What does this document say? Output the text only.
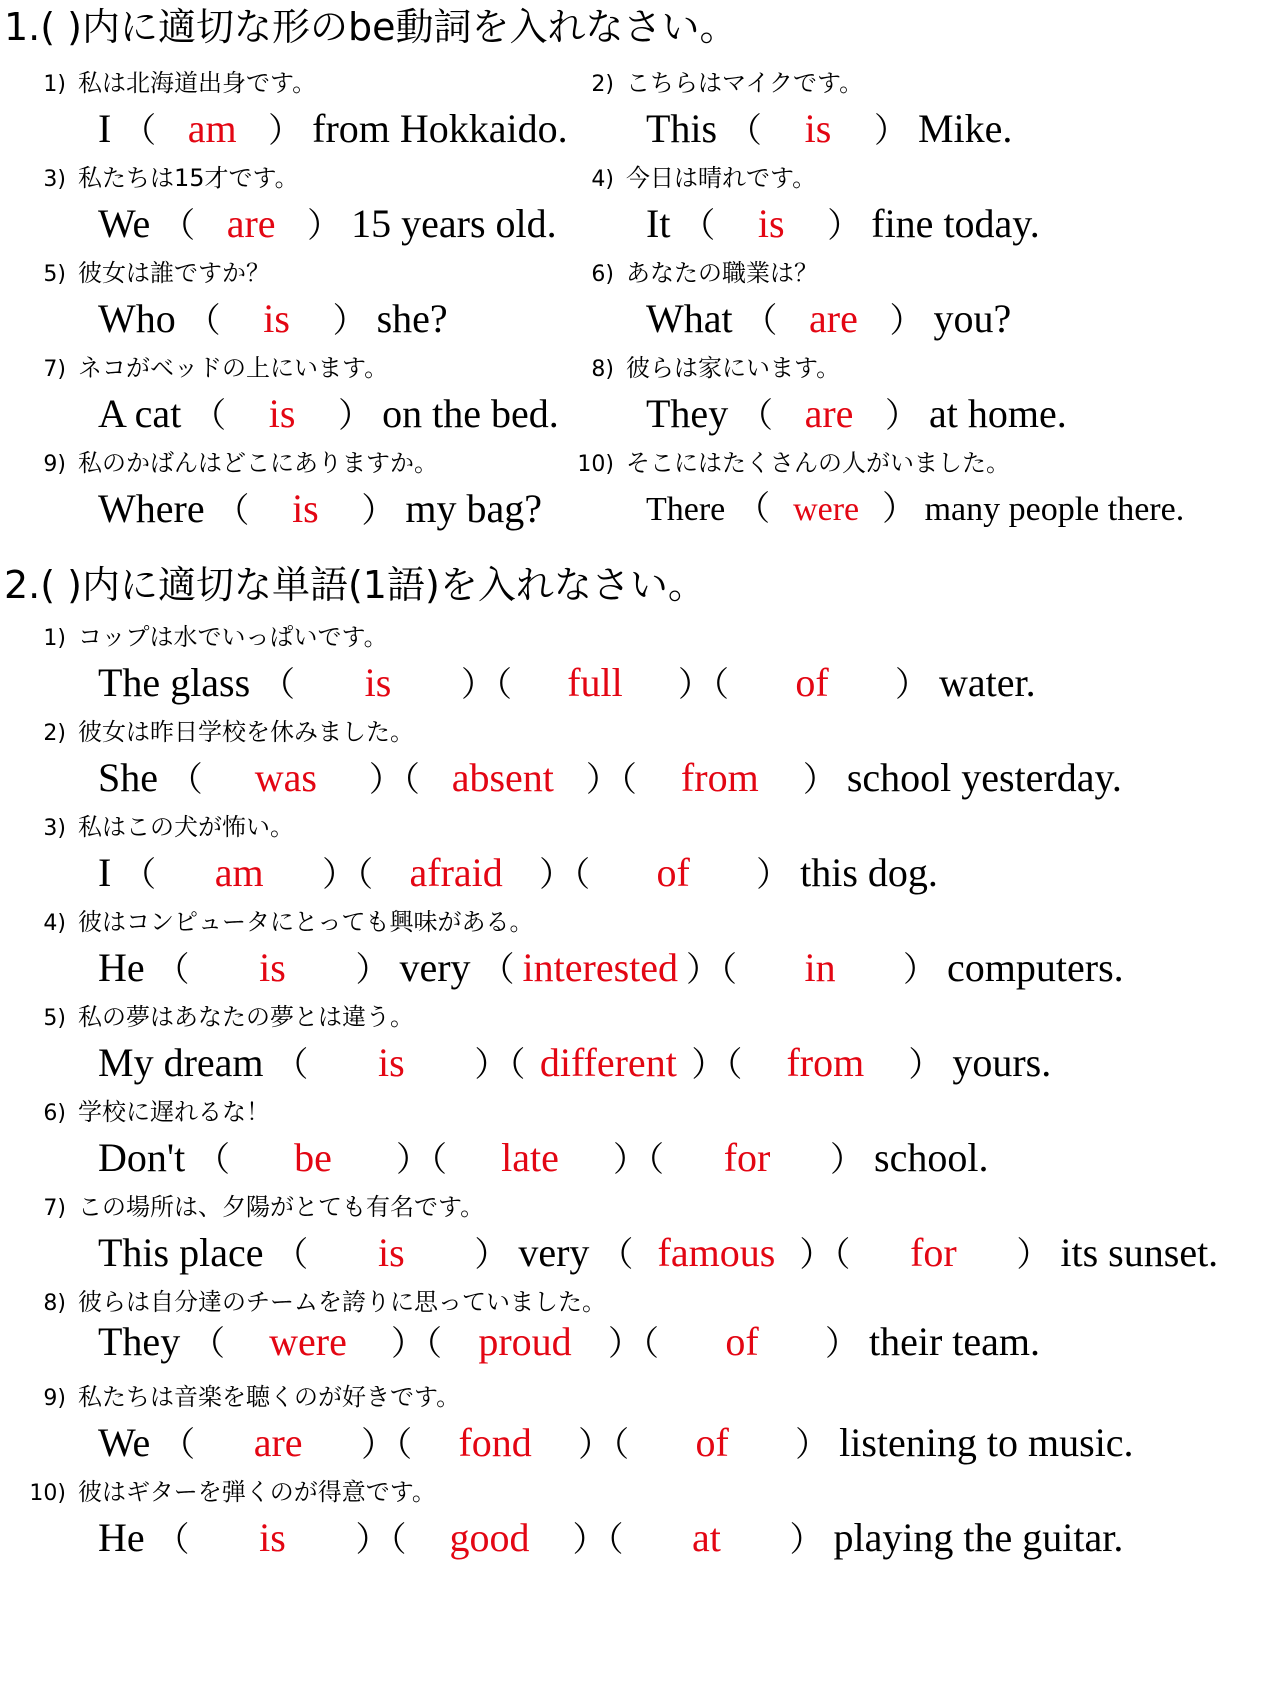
1.( )内に適切な形のbe動詞を入れなさい。
1) 私は北海道出身です。
I （ am ） from Hokkaido.
2) こちらはマイクです。
This （ is ） Mike.
3) 私たちは15才です。
We （ are ） 15 years old.
4) 今日は晴れです。
It （ is ） fine today.
5) 彼女は誰ですか？
Who （ is ） she?
6) あなたの職業は？
What （ are ） you?
7) ネコがベッドの上にいます。
A cat （ is ） on the bed.
8) 彼らは家にいます。
They （ are ） at home.
9) 私のかばんはどこにありますか。
Where （ is ） my bag?
10) そこにはたくさんの人がいました。
There （ were ） many people there.
2.( )内に適切な単語(1語)を入れなさい。
1) コップは水でいっぱいです。
The glass （ is ）（ full ）（ of ） water.
2) 彼女は昨日学校を休みました。
She （ was ）（ absent ）（ from ） school yesterday.
3) 私はこの犬が怖い。
I （ am ）（ afraid ）（ of ） this dog.
4) 彼はコンピュータにとっても興味がある。
He （ is ） very （ interested ）（ in ） computers.
5) 私の夢はあなたの夢とは違う。
My dream （ is ）（ different ）（ from ） yours.
6) 学校に遅れるな！
Don't （ be ）（ late ）（ for ） school.
7) この場所は、夕陽がとても有名です。
This place （ is ） very （ famous ）（ for ） its sunset.
8) 彼らは自分達のチームを誇りに思っていました。
They （ were ）（ proud ）（ of ） their team.
9) 私たちは音楽を聴くのが好きです。
We （ are ）（ fond ）（ of ） listening to music.
10) 彼はギターを弾くのが得意です。
He （ is ）（ good ）（ at ） playing the guitar.
